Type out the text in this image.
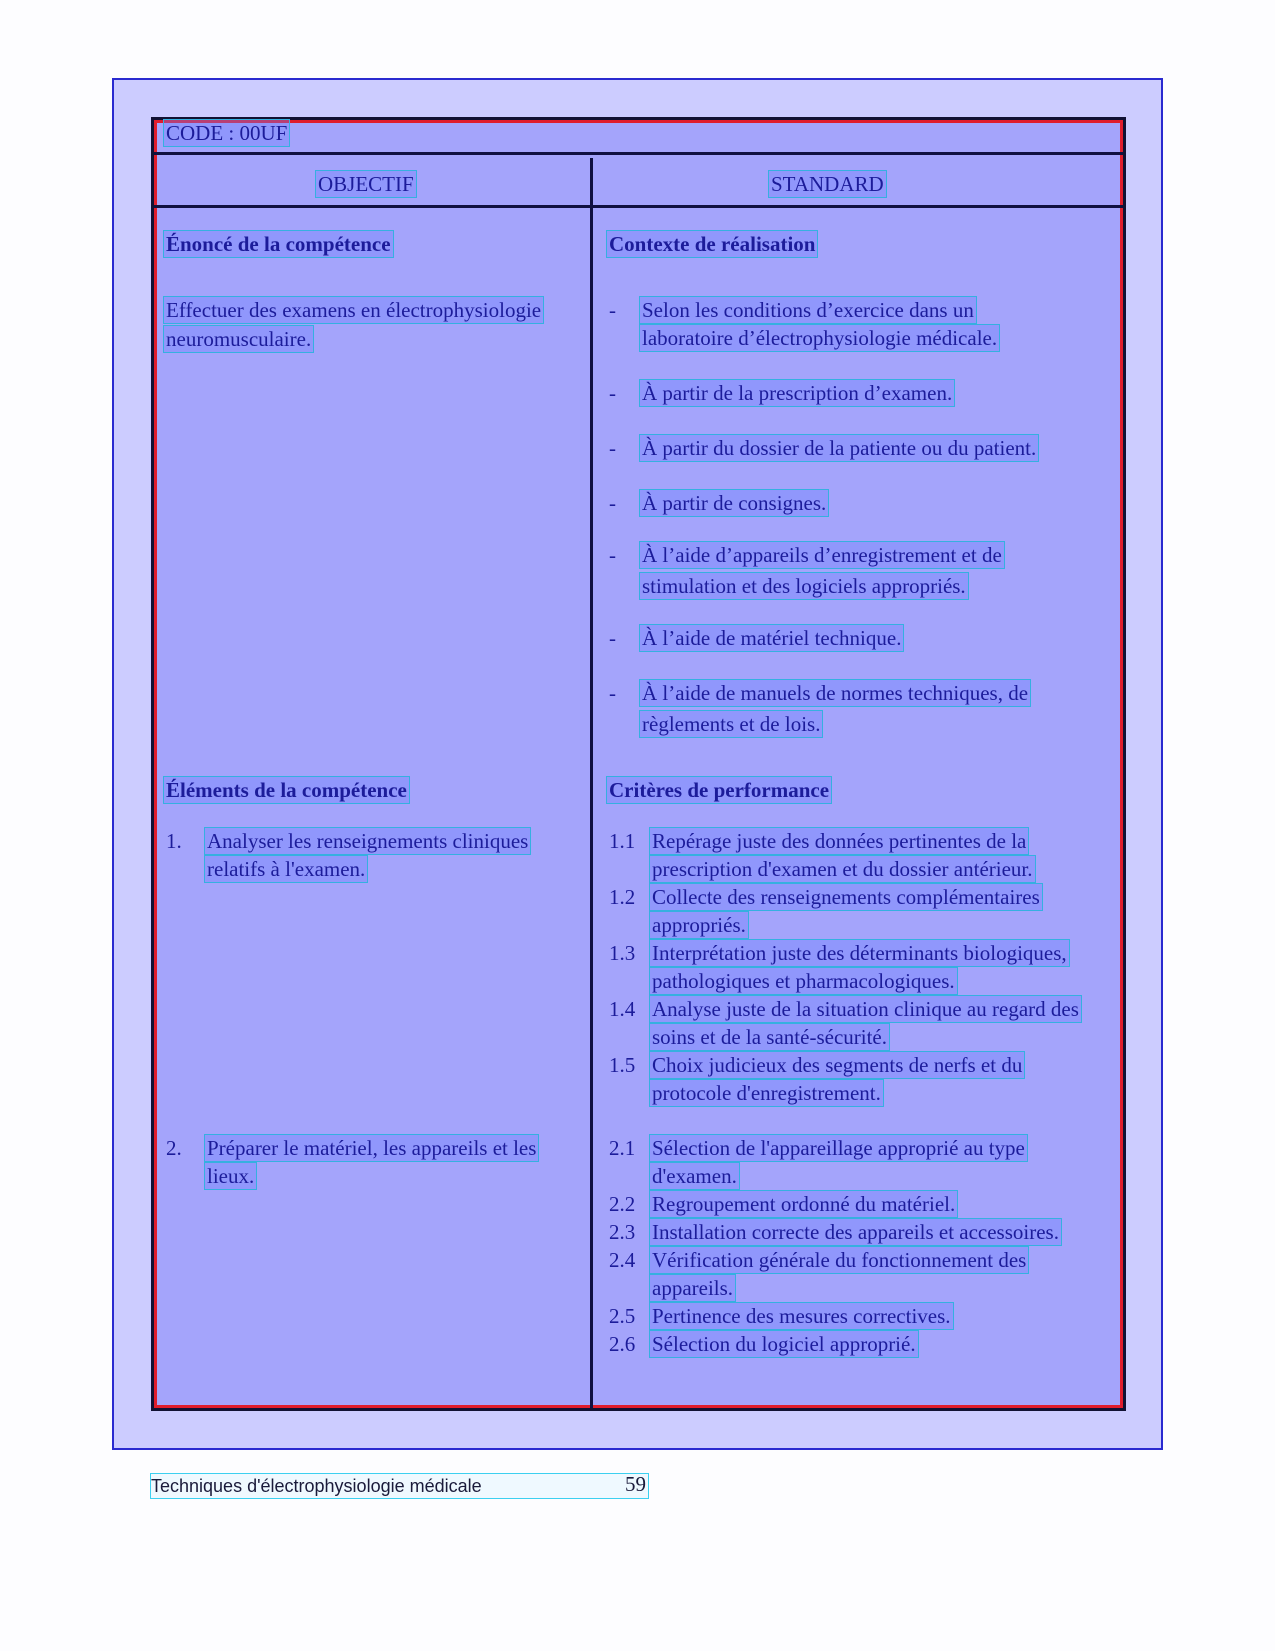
CODE : 00UF
OBJECTIF	STANDARD
Énoncé de la compétence
Effectuer des examens en électrophysiologie
neuromusculaire.
Éléments de la compétence
1. Analyser les renseignements cliniques
relatifs à l'examen.
2. Préparer le matériel, les appareils et les
lieux.
Contexte de réalisation
- Selon les conditions d’exercice dans un
laboratoire d’électrophysiologie médicale.
- À partir de la prescription d’examen.
- À partir du dossier de la patiente ou du patient.
- À partir de consignes.
- À l’aide d’appareils d’enregistrement et de
stimulation et des logiciels appropriés.
- À l’aide de matériel technique.
- À l’aide de manuels de normes techniques, de
règlements et de lois.
Critères de performance
1.1 Repérage juste des données pertinentes de la
prescription d'examen et du dossier antérieur.
1.2 Collecte des renseignements complémentaires
appropriés.
1.3 Interprétation juste des déterminants biologiques,
pathologiques et pharmacologiques.
1.4 Analyse juste de la situation clinique au regard des
soins et de la santé-sécurité.
1.5 Choix judicieux des segments de nerfs et du
protocole d'enregistrement.
2.1 Sélection de l'appareillage approprié au type
d'examen.
2.2 Regroupement ordonné du matériel.
2.3 Installation correcte des appareils et accessoires.
2.4 Vérification générale du fonctionnement des
appareils.
2.5 Pertinence des mesures correctives.
2.6 Sélection du logiciel approprié.
Techniques d'électrophysiologie médicale	59
